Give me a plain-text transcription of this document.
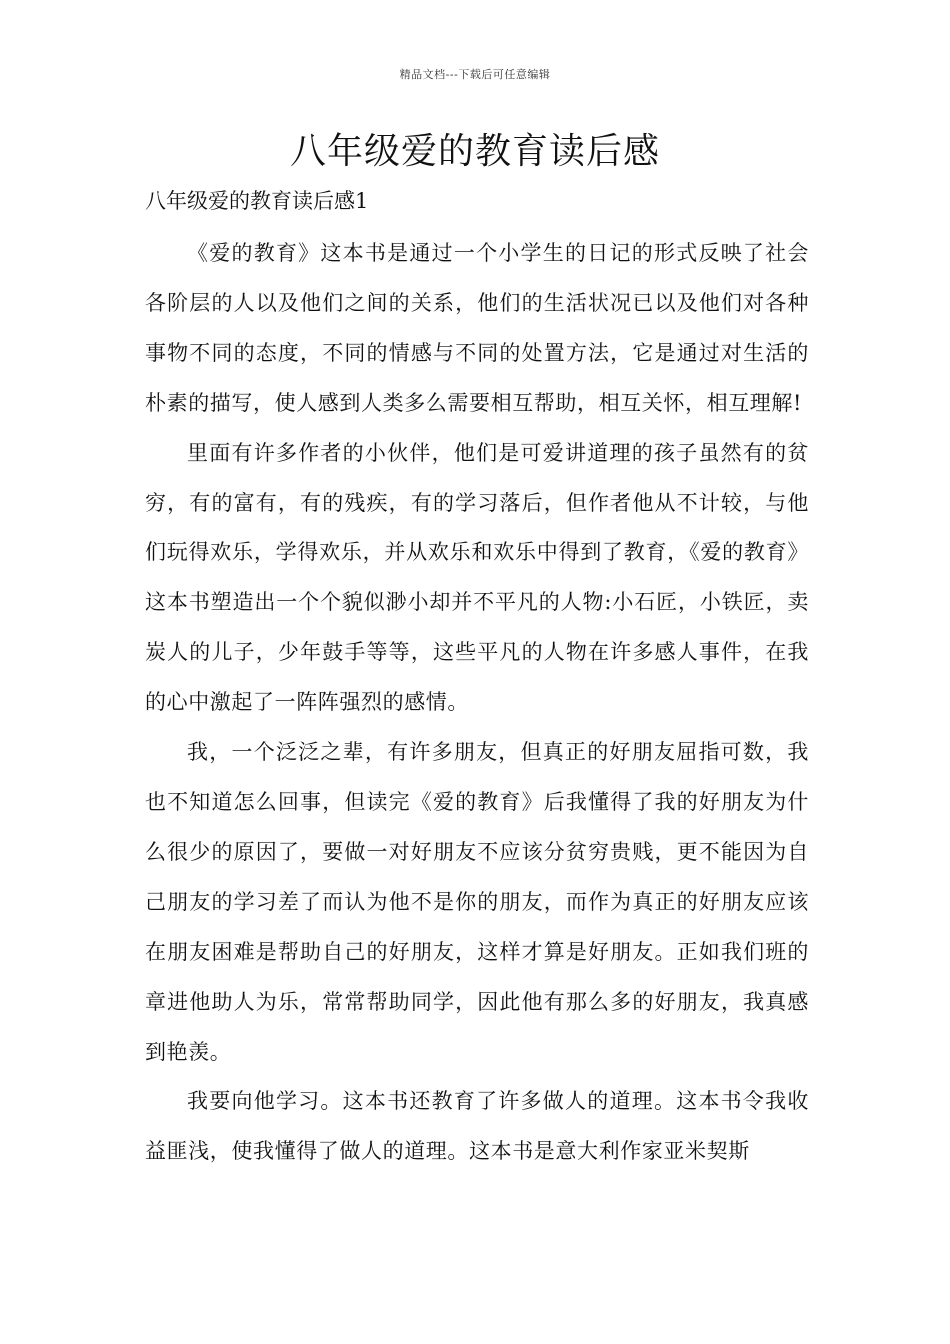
精品文档---下载后可任意编辑
八年级爱的教育读后感
八年级爱的教育读后感1

《爱的教育》这本书是通过一个小学生的日记的形式反映了社会各阶层的人以及他们之间的关系，他们的生活状况已以及他们对各种事物不同的态度，不同的情感与不同的处置方法，它是通过对生活的朴素的描写，使人感到人类多么需要相互帮助，相互关怀，相互理解!

里面有许多作者的小伙伴，他们是可爱讲道理的孩子虽然有的贫穷，有的富有，有的残疾，有的学习落后，但作者他从不计较，与他们玩得欢乐，学得欢乐，并从欢乐和欢乐中得到了教育，《爱的教育》这本书塑造出一个个貌似渺小却并不平凡的人物:小石匠，小铁匠，卖炭人的儿子，少年鼓手等等，这些平凡的人物在许多感人事件，在我的心中激起了一阵阵强烈的感情。

我，一个泛泛之辈，有许多朋友，但真正的好朋友屈指可数，我也不知道怎么回事，但读完《爱的教育》后我懂得了我的好朋友为什么很少的原因了，要做一对好朋友不应该分贫穷贵贱，更不能因为自己朋友的学习差了而认为他不是你的朋友，而作为真正的好朋友应该在朋友困难是帮助自己的好朋友，这样才算是好朋友。正如我们班的章进他助人为乐，常常帮助同学，因此他有那么多的好朋友，我真感到艳羡。

我要向他学习。这本书还教育了许多做人的道理。这本书令我收益匪浅，使我懂得了做人的道理。这本书是意大利作家亚米契斯
